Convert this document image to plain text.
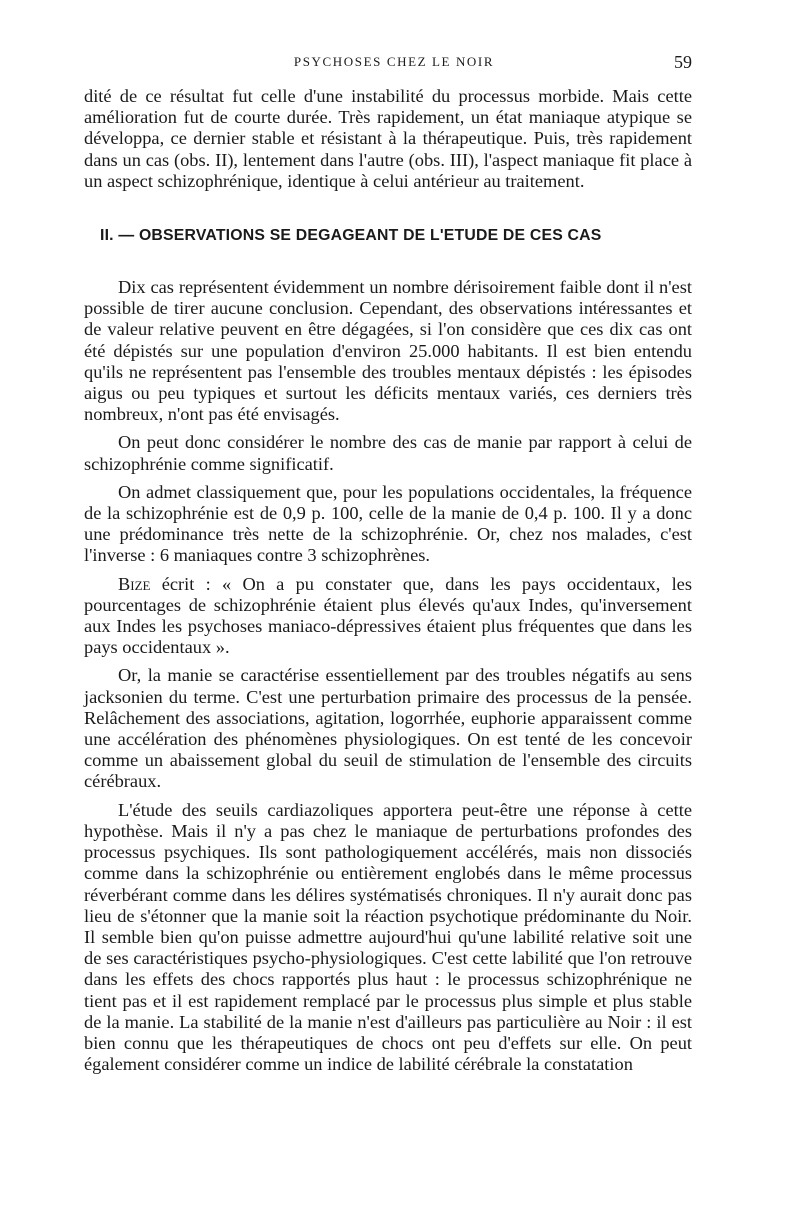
PSYCHOSES CHEZ LE NOIR	59

dité de ce résultat fut celle d'une instabilité du processus morbide. Mais cette amélioration fut de courte durée. Très rapidement, un état maniaque atypique se développa, ce dernier stable et résistant à la thérapeutique. Puis, très rapidement dans un cas (obs. II), lentement dans l'autre (obs. III), l'aspect maniaque fit place à un aspect schizophrénique, identique à celui antérieur au traitement.

II. — OBSERVATIONS SE DEGAGEANT DE L'ETUDE DE CES CAS

Dix cas représentent évidemment un nombre dérisoirement faible dont il n'est possible de tirer aucune conclusion. Cependant, des observations intéressantes et de valeur relative peuvent en être dégagées, si l'on considère que ces dix cas ont été dépistés sur une population d'environ 25.000 habitants. Il est bien entendu qu'ils ne représentent pas l'ensemble des troubles mentaux dépistés : les épisodes aigus ou peu typiques et surtout les déficits mentaux variés, ces derniers très nombreux, n'ont pas été envisagés.

On peut donc considérer le nombre des cas de manie par rapport à celui de schizophrénie comme significatif.

On admet classiquement que, pour les populations occidentales, la fréquence de la schizophrénie est de 0,9 p. 100, celle de la manie de 0,4 p. 100. Il y a donc une prédominance très nette de la schizophrénie. Or, chez nos malades, c'est l'inverse : 6 maniaques contre 3 schizophrènes.

Bize écrit : « On a pu constater que, dans les pays occidentaux, les pourcentages de schizophrénie étaient plus élevés qu'aux Indes, qu'inversement aux Indes les psychoses maniaco-dépressives étaient plus fréquentes que dans les pays occidentaux ».

Or, la manie se caractérise essentiellement par des troubles négatifs au sens jacksonien du terme. C'est une perturbation primaire des processus de la pensée. Relâchement des associations, agitation, logorrhée, euphorie apparaissent comme une accélération des phénomènes physiologiques. On est tenté de les concevoir comme un abaissement global du seuil de stimulation de l'ensemble des circuits cérébraux.

L'étude des seuils cardiazoliques apportera peut-être une réponse à cette hypothèse. Mais il n'y a pas chez le maniaque de perturbations profondes des processus psychiques. Ils sont pathologiquement accélérés, mais non dissociés comme dans la schizophrénie ou entièrement englobés dans le même processus réverbérant comme dans les délires systématisés chroniques. Il n'y aurait donc pas lieu de s'étonner que la manie soit la réaction psychotique prédominante du Noir. Il semble bien qu'on puisse admettre aujourd'hui qu'une labilité relative soit une de ses caractéristiques psycho-physiologiques. C'est cette labilité que l'on retrouve dans les effets des chocs rapportés plus haut : le processus schizophrénique ne tient pas et il est rapidement remplacé par le processus plus simple et plus stable de la manie. La stabilité de la manie n'est d'ailleurs pas particulière au Noir : il est bien connu que les thérapeutiques de chocs ont peu d'effets sur elle. On peut également considérer comme un indice de labilité cérébrale la constatation
